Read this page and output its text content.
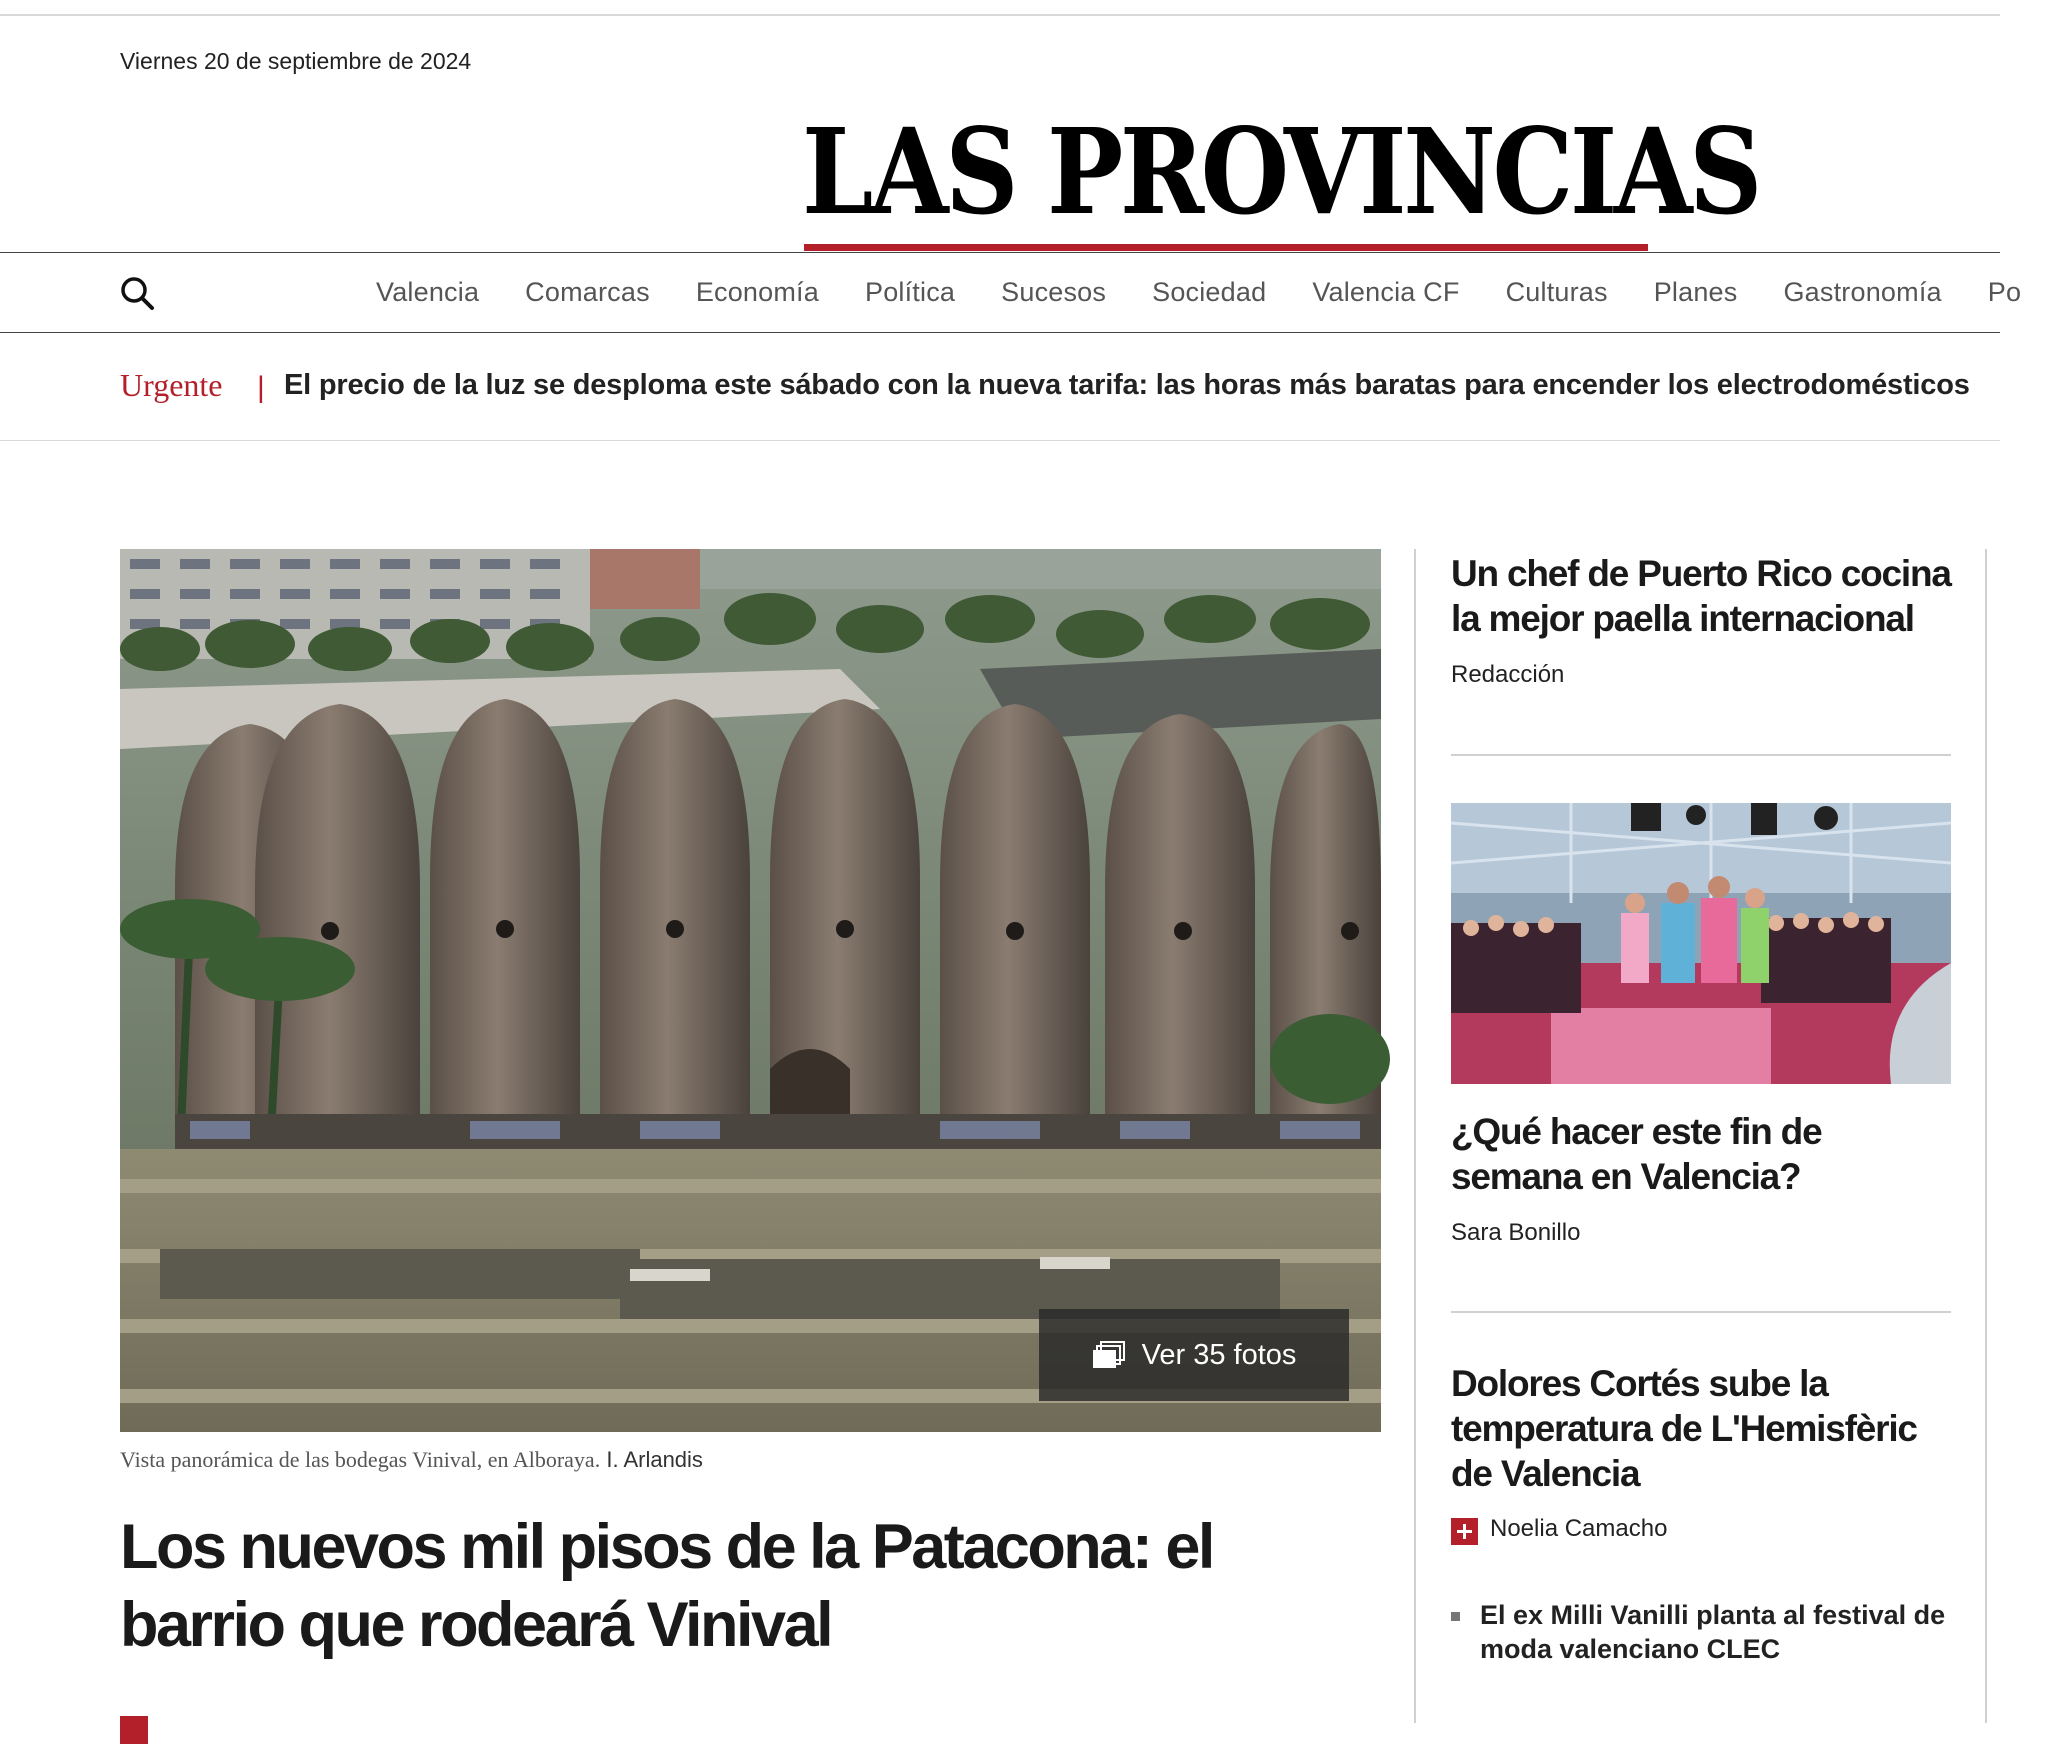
Viernes 20 de septiembre de 2024
LAS PROVINCIAS
Valencia Comarcas Economía Política Sucesos Sociedad Valencia CF Culturas Planes Gastronomía Po
Urgente | El precio de la luz se desploma este sábado con la nueva tarifa: las horas más baratas para encender los electrodomésticos
Ver 35 fotos
Vista panorámica de las bodegas Vinival, en Alboraya. I. Arlandis
Los nuevos mil pisos de la Patacona: el barrio que rodeará Vinival
Un chef de Puerto Rico cocina la mejor paella internacional
Redacción
¿Qué hacer este fin de semana en Valencia?
Sara Bonillo
Dolores Cortés sube la temperatura de L'Hemisfèric de Valencia
Noelia Camacho
El ex Milli Vanilli planta al festival de moda valenciano CLEC
